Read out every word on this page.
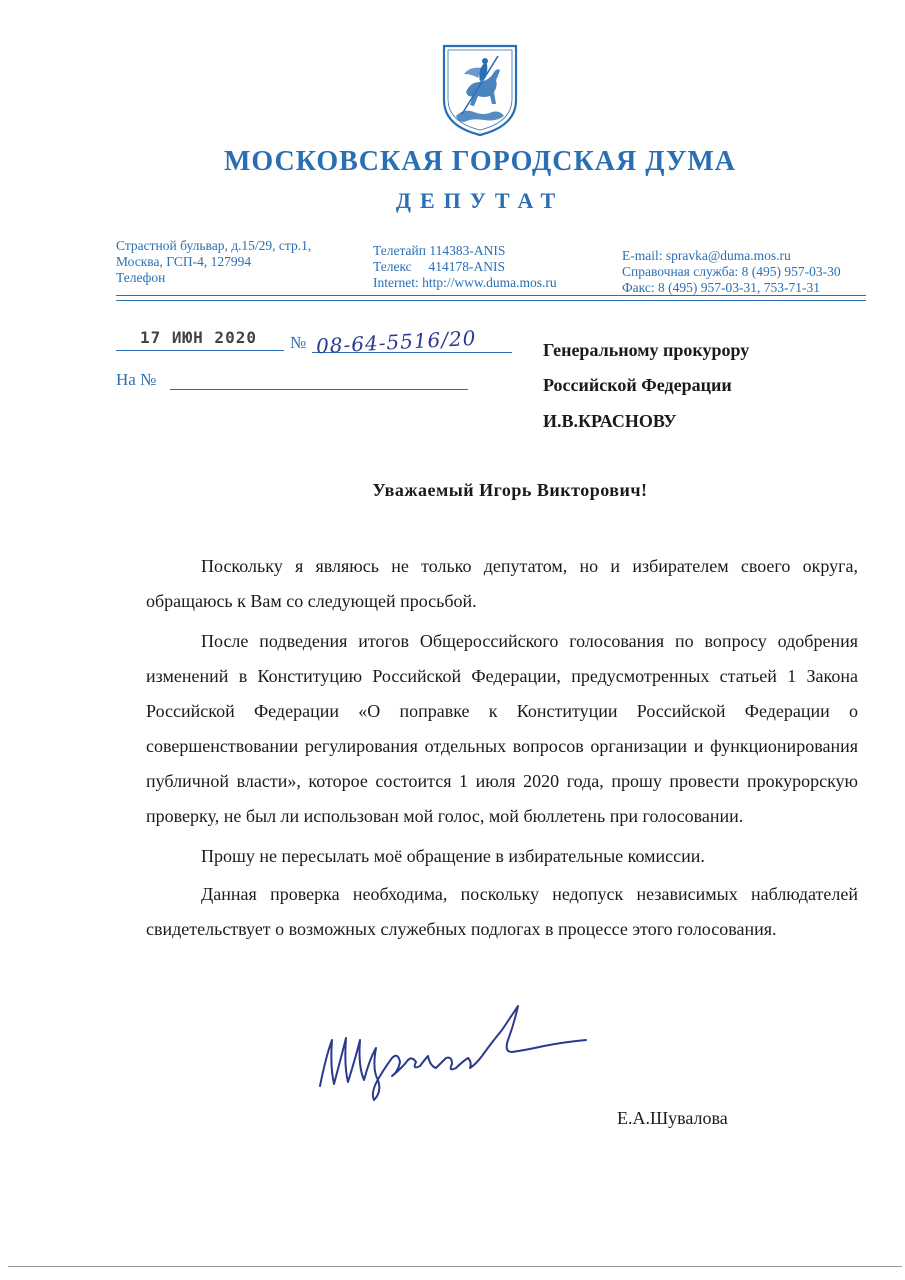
МОСКОВСКАЯ ГОРОДСКАЯ ДУМА
ДЕПУТАТ
Страстной бульвар, д.15/29, стр.1,
Москва, ГСП-4, 127994
Телефон
Телетайп 114383-ANIS
Телекс     414178-ANIS
Internet: http://www.duma.mos.ru
E-mail: spravka@duma.mos.ru
Справочная служба: 8 (495) 957-03-30
Факс: 8 (495) 957-03-31, 753-71-31
17 ИЮН 2020 № 08-64-5516/20
На №
Генеральному прокурору
Российской Федерации
И.В.КРАСНОВУ
Уважаемый Игорь Викторович!

Поскольку я являюсь не только депутатом, но и избирателем своего округа, обращаюсь к Вам со следующей просьбой.

После подведения итогов Общероссийского голосования по вопросу одобрения изменений в Конституцию Российской Федерации, предусмотренных статьей 1 Закона Российской Федерации «О поправке к Конституции Российской Федерации о совершенствовании регулирования отдельных вопросов организации и функционирования публичной власти», которое состоится 1 июля 2020 года, прошу провести прокурорскую проверку, не был ли использован мой голос, мой бюллетень при голосовании.

Прошу не пересылать моё обращение в избирательные комиссии.

Данная проверка необходима, поскольку недопуск независимых наблюдателей свидетельствует о возможных служебных подлогах в процессе этого голосования.

Е.А.Шувалова
